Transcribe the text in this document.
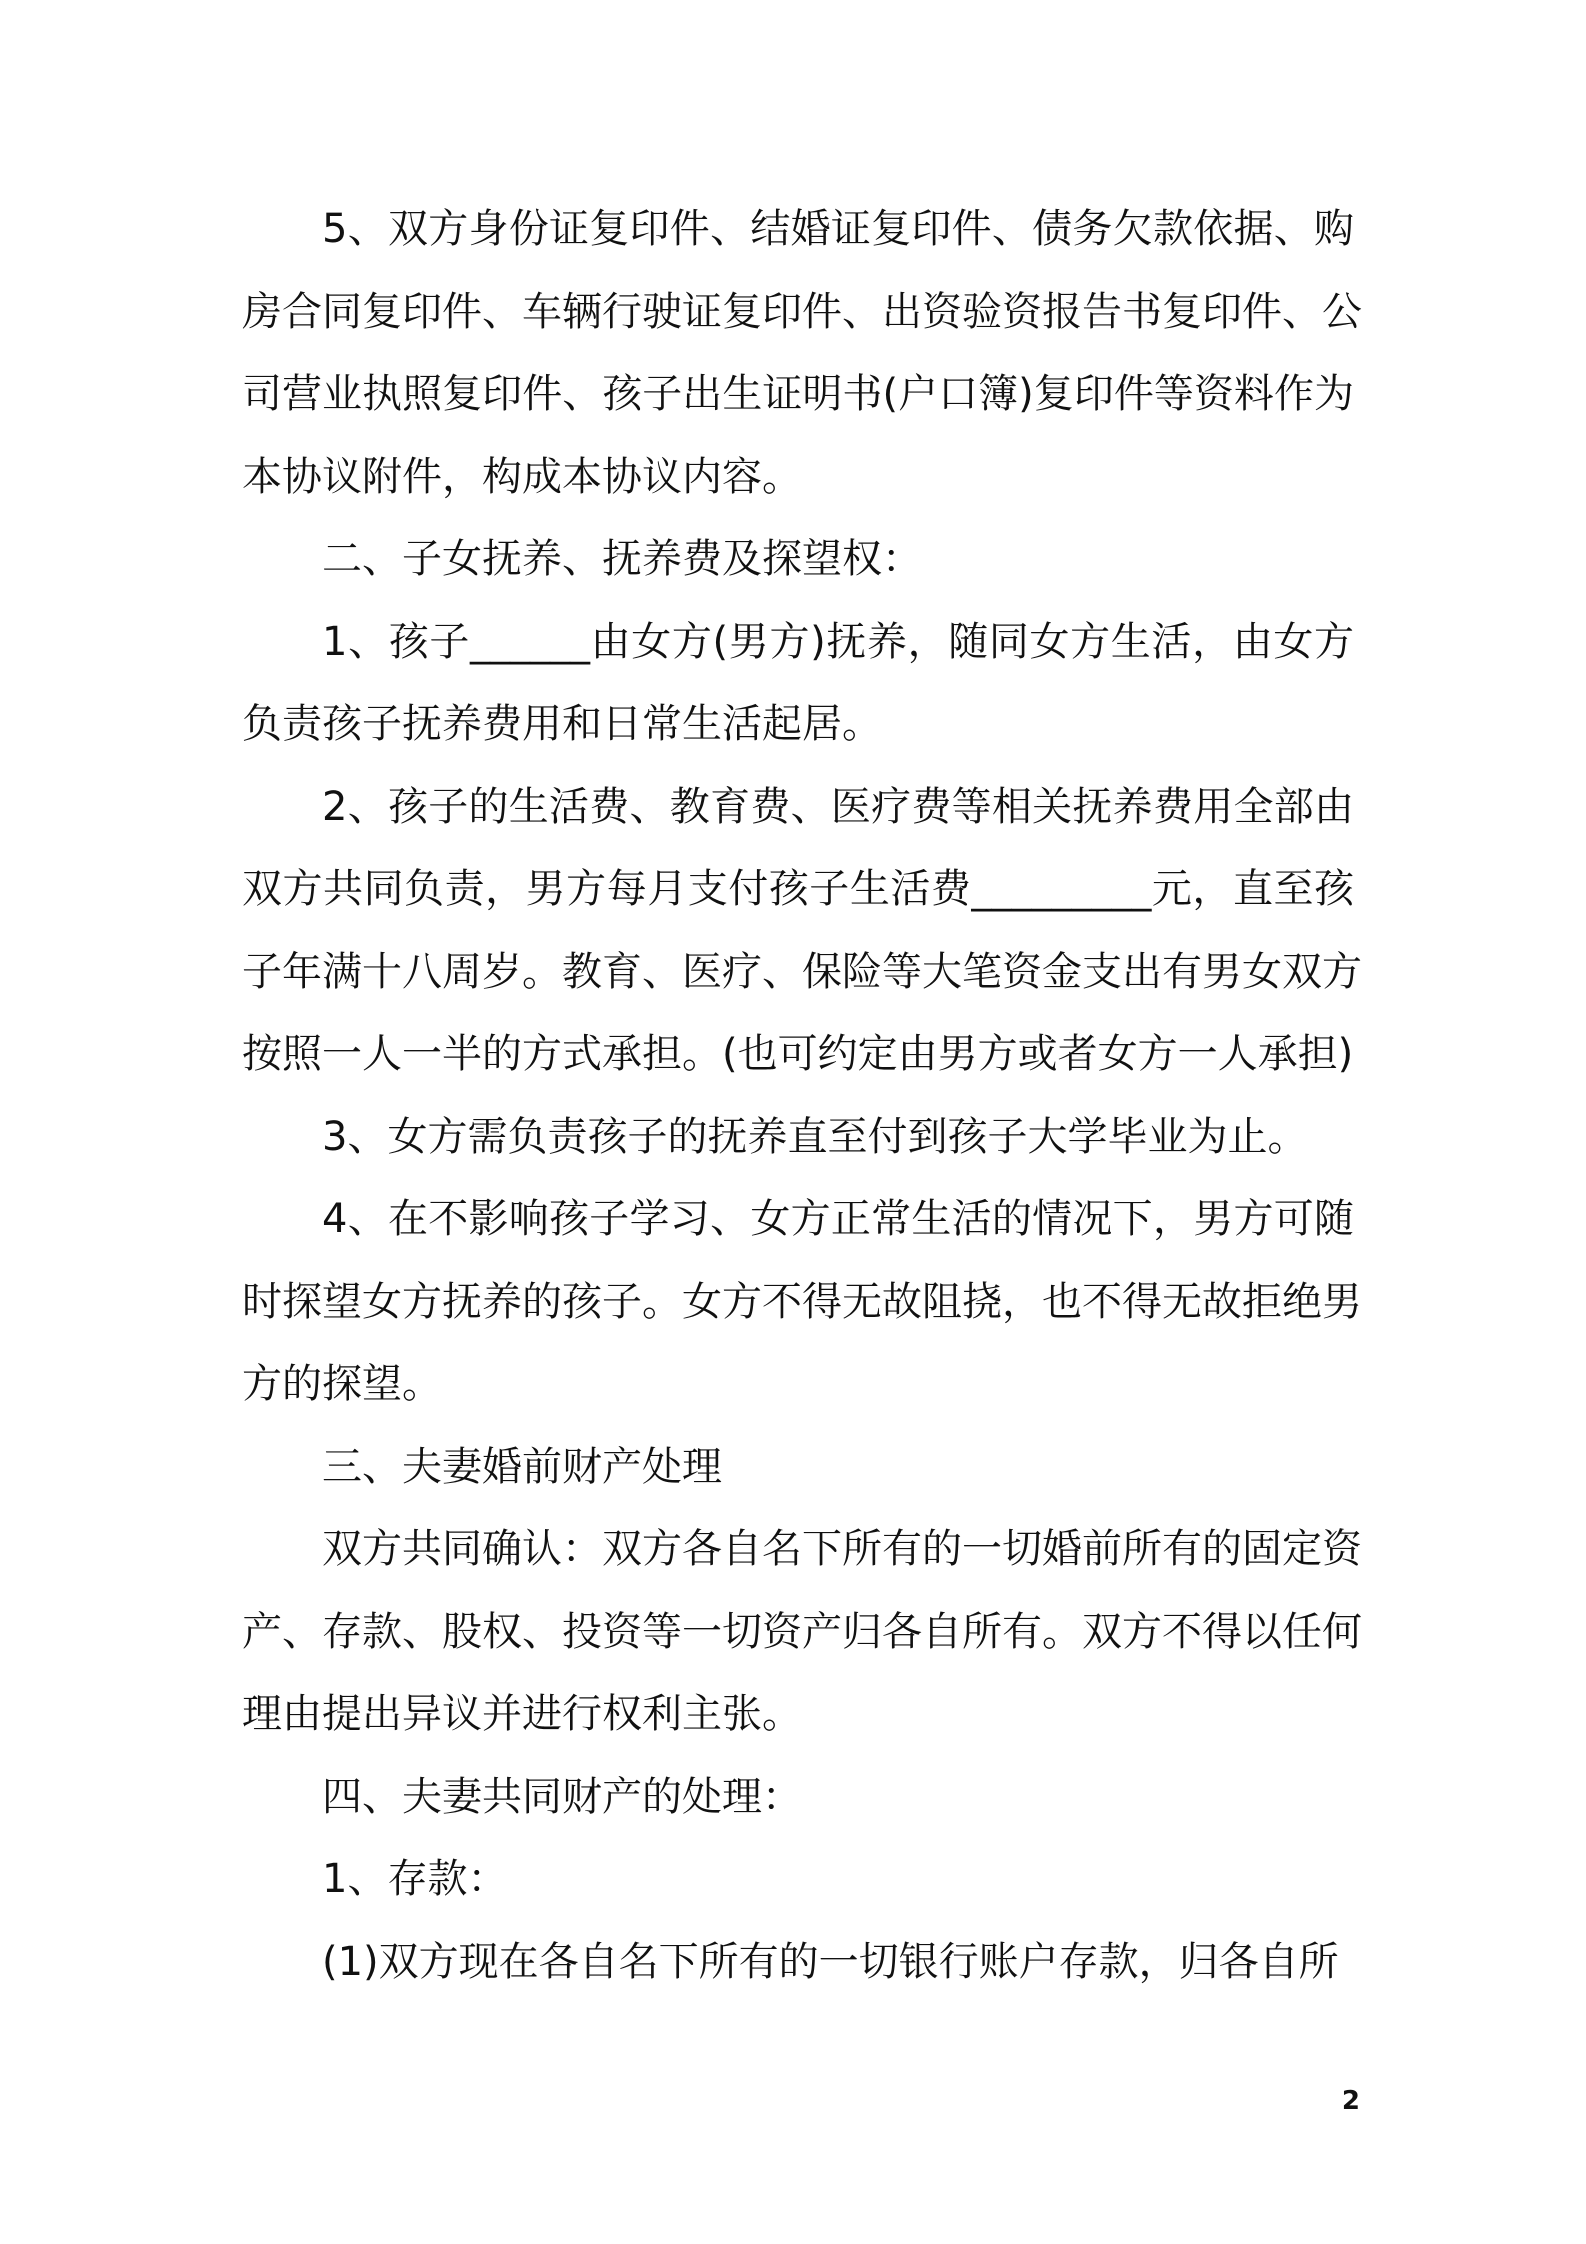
5、双方身份证复印件、结婚证复印件、债务欠款依据、购
房合同复印件、车辆行驶证复印件、出资验资报告书复印件、公
司营业执照复印件、孩子出生证明书(户口簿)复印件等资料作为
本协议附件，构成本协议内容。
二、子女抚养、抚养费及探望权：
1、孩子______由女方(男方)抚养，随同女方生活，由女方
负责孩子抚养费用和日常生活起居。
2、孩子的生活费、教育费、医疗费等相关抚养费用全部由
双方共同负责，男方每月支付孩子生活费_________元，直至孩
子年满十八周岁。教育、医疗、保险等大笔资金支出有男女双方
按照一人一半的方式承担。(也可约定由男方或者女方一人承担)
3、女方需负责孩子的抚养直至付到孩子大学毕业为止。
4、在不影响孩子学习、女方正常生活的情况下，男方可随
时探望女方抚养的孩子。女方不得无故阻挠，也不得无故拒绝男
方的探望。
三、夫妻婚前财产处理
双方共同确认：双方各自名下所有的一切婚前所有的固定资
产、存款、股权、投资等一切资产归各自所有。双方不得以任何
理由提出异议并进行权利主张。
四、夫妻共同财产的处理：
1、存款：
(1)双方现在各自名下所有的一切银行账户存款，归各自所
2
